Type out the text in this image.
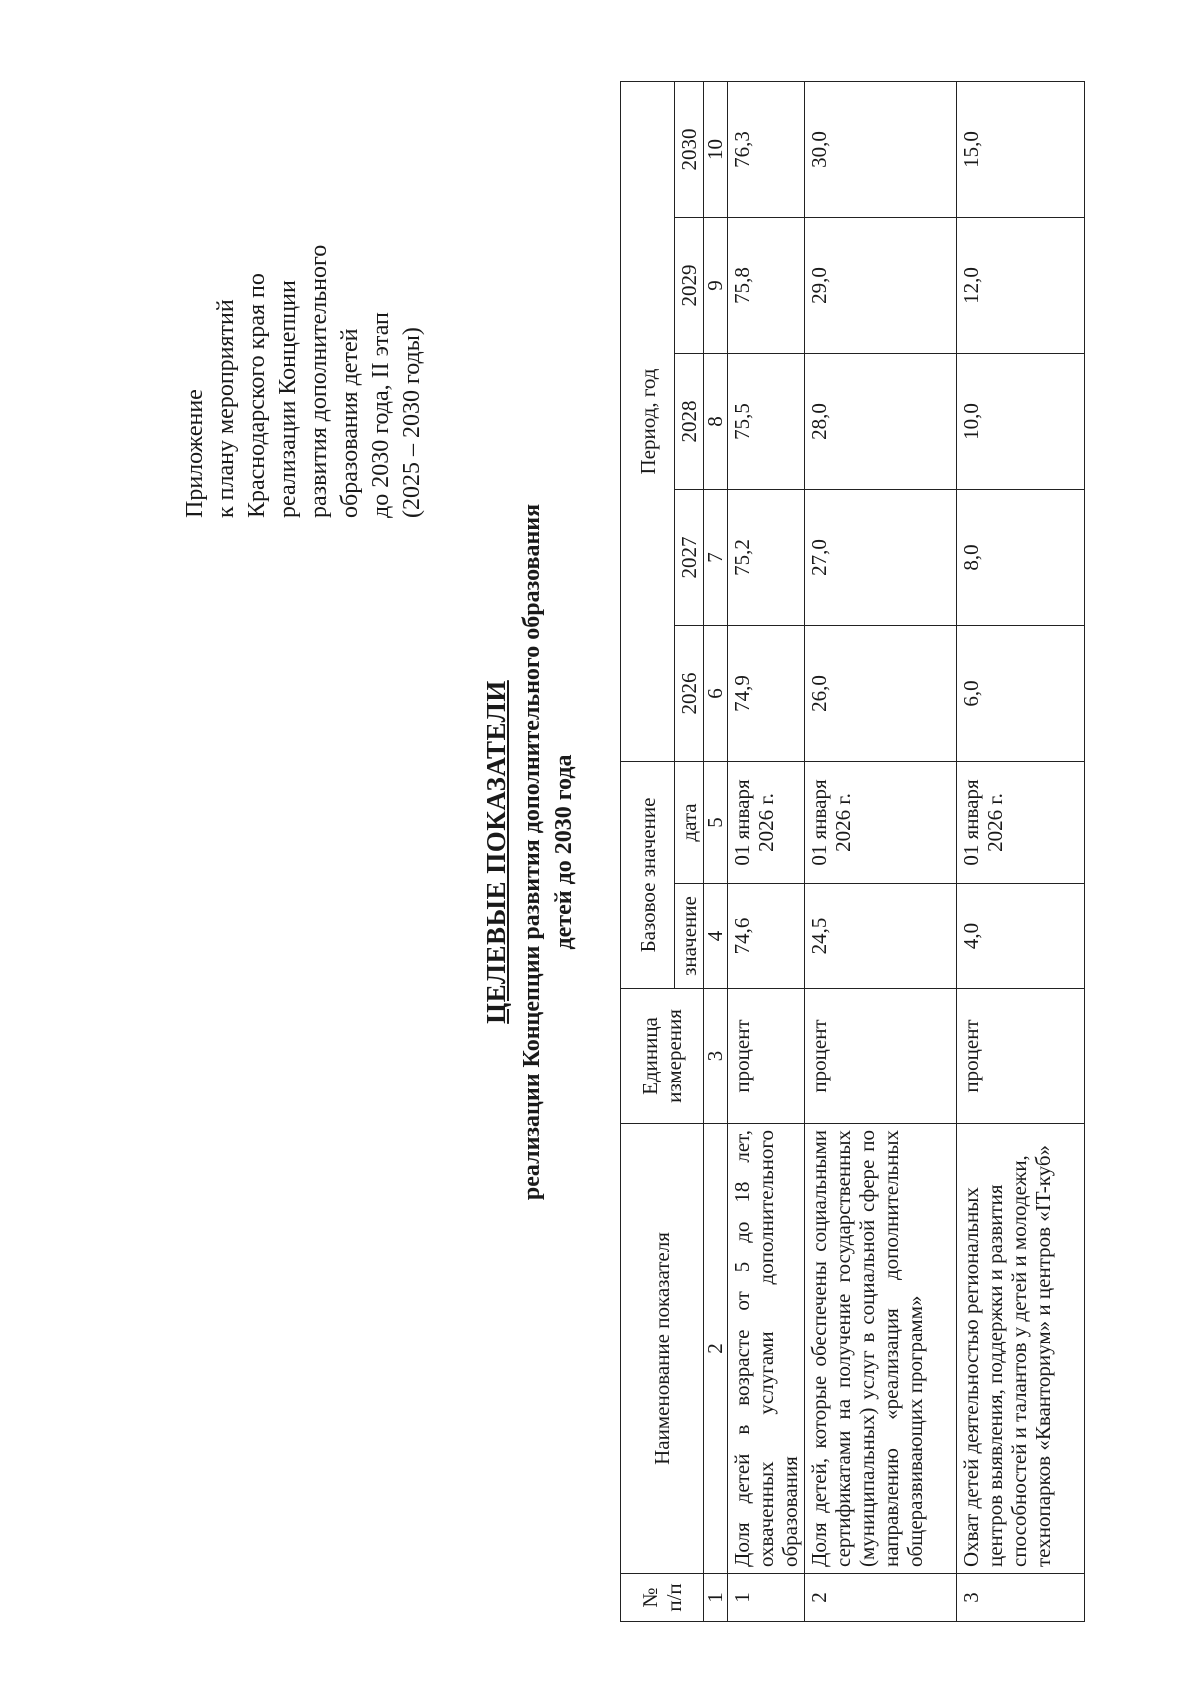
Приложение
к плану мероприятий
Краснодарского края по
реализации Концепции
развития дополнительного
образования детей
до 2030 года, II этап
(2025 – 2030 годы)
ЦЕЛЕВЫЕ ПОКАЗАТЕЛИ реализации Концепции развития дополнительного образования детей до 2030 года
№ п/п	Наименование показателя	Единица измерения	Базовое значение		Период, год				
			значение	дата	2026	2027	2028	2029	2030
1	2	3	4	5	6	7	8	9	10
1	Доля детей в возрасте от 5 до 18 лет, охваченных услугами дополнительного образования	процент	74,6	01 января 2026 г.	74,9	75,2	75,5	75,8	76,3
2	Доля детей, которые обеспечены социальными сертификатами на получение государственных (муниципальных) услуг в социальной сфере по направлению «реализация дополнительных общеразвивающих программ»	процент	24,5	01 января 2026 г.	26,0	27,0	28,0	29,0	30,0
3	Охват детей деятельностью региональных центров выявления, поддержки и развития способностей и талантов у детей и молодежи, технопарков «Кванториум» и центров «IT-куб»	процент	4,0	01 января 2026 г.	6,0	8,0	10,0	12,0	15,0
